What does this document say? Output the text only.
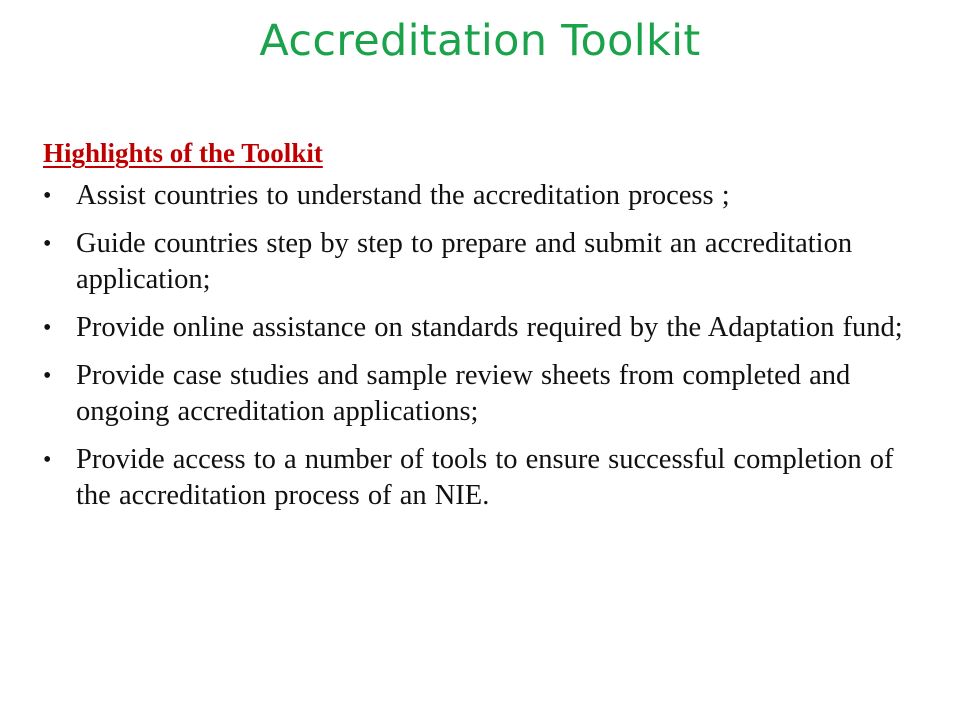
Accreditation Toolkit
Highlights of the Toolkit
• Assist countries to understand the accreditation process ;
• Guide countries step by step to prepare and submit an accreditation application;
• Provide online assistance on standards required by the Adaptation fund;
• Provide case studies and sample review sheets from completed and ongoing accreditation applications;
• Provide access to a number of tools to ensure successful completion of the accreditation process of an NIE.
